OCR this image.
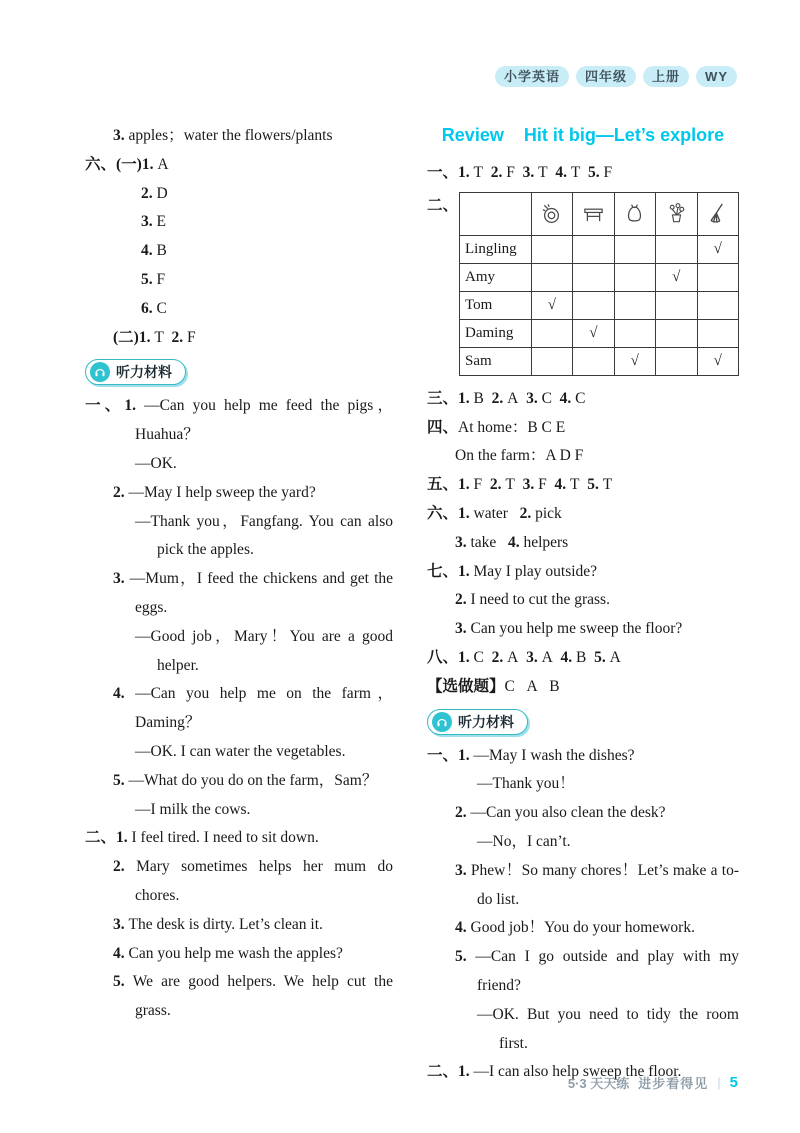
小学英语	四年级	上册	WY
3. apples；water the flowers/plants
六、(一)1. A
2. D
3. E
4. B
5. F
6. C
(二)1. T  2. F
听力材料
一、1. —Can you help me feed the pigs，Huahua？
—OK.
2. —May I help sweep the yard?
—Thank you，Fangfang. You can also pick the apples.
3. —Mum，I feed the chickens and get the eggs.
—Good job，Mary！You are a good helper.
4. —Can you help me on the farm，Daming？
—OK. I can water the vegetables.
5. —What do you do on the farm，Sam？
—I milk the cows.
二、1. I feel tired. I need to sit down.
2. Mary sometimes helps her mum do chores.
3. The desk is dirty. Let’s clean it.
4. Can you help me wash the apples?
5. We are good helpers. We help cut the grass.
Review    Hit it big—Let’s explore
一、1. T  2. F  3. T  4. T  5. F
二、

Lingling					√
Amy				√	
Tom	√				
Daming		√			
Sam			√		√
三、1. B  2. A  3. C  4. C
四、At home：B C E
On the farm：A D F
五、1. F  2. T  3. F  4. T  5. T
六、1. water   2. pick
3. take   4. helpers
七、1. May I play outside?
2. I need to cut the grass.
3. Can you help me sweep the floor?
八、1. C  2. A  3. A  4. B  5. A
【选做题】C   A   B
听力材料
一、1. —May I wash the dishes?
—Thank you！
2. —Can you also clean the desk?
—No，I can’t.
3. Phew！So many chores！Let’s make a to-do list.
4. Good job！You do your homework.
5. —Can I go outside and play with my friend?
—OK. But you need to tidy the room first.
二、1. —I can also help sweep the floor.
5·3 天天练 进步看得见 | 5
